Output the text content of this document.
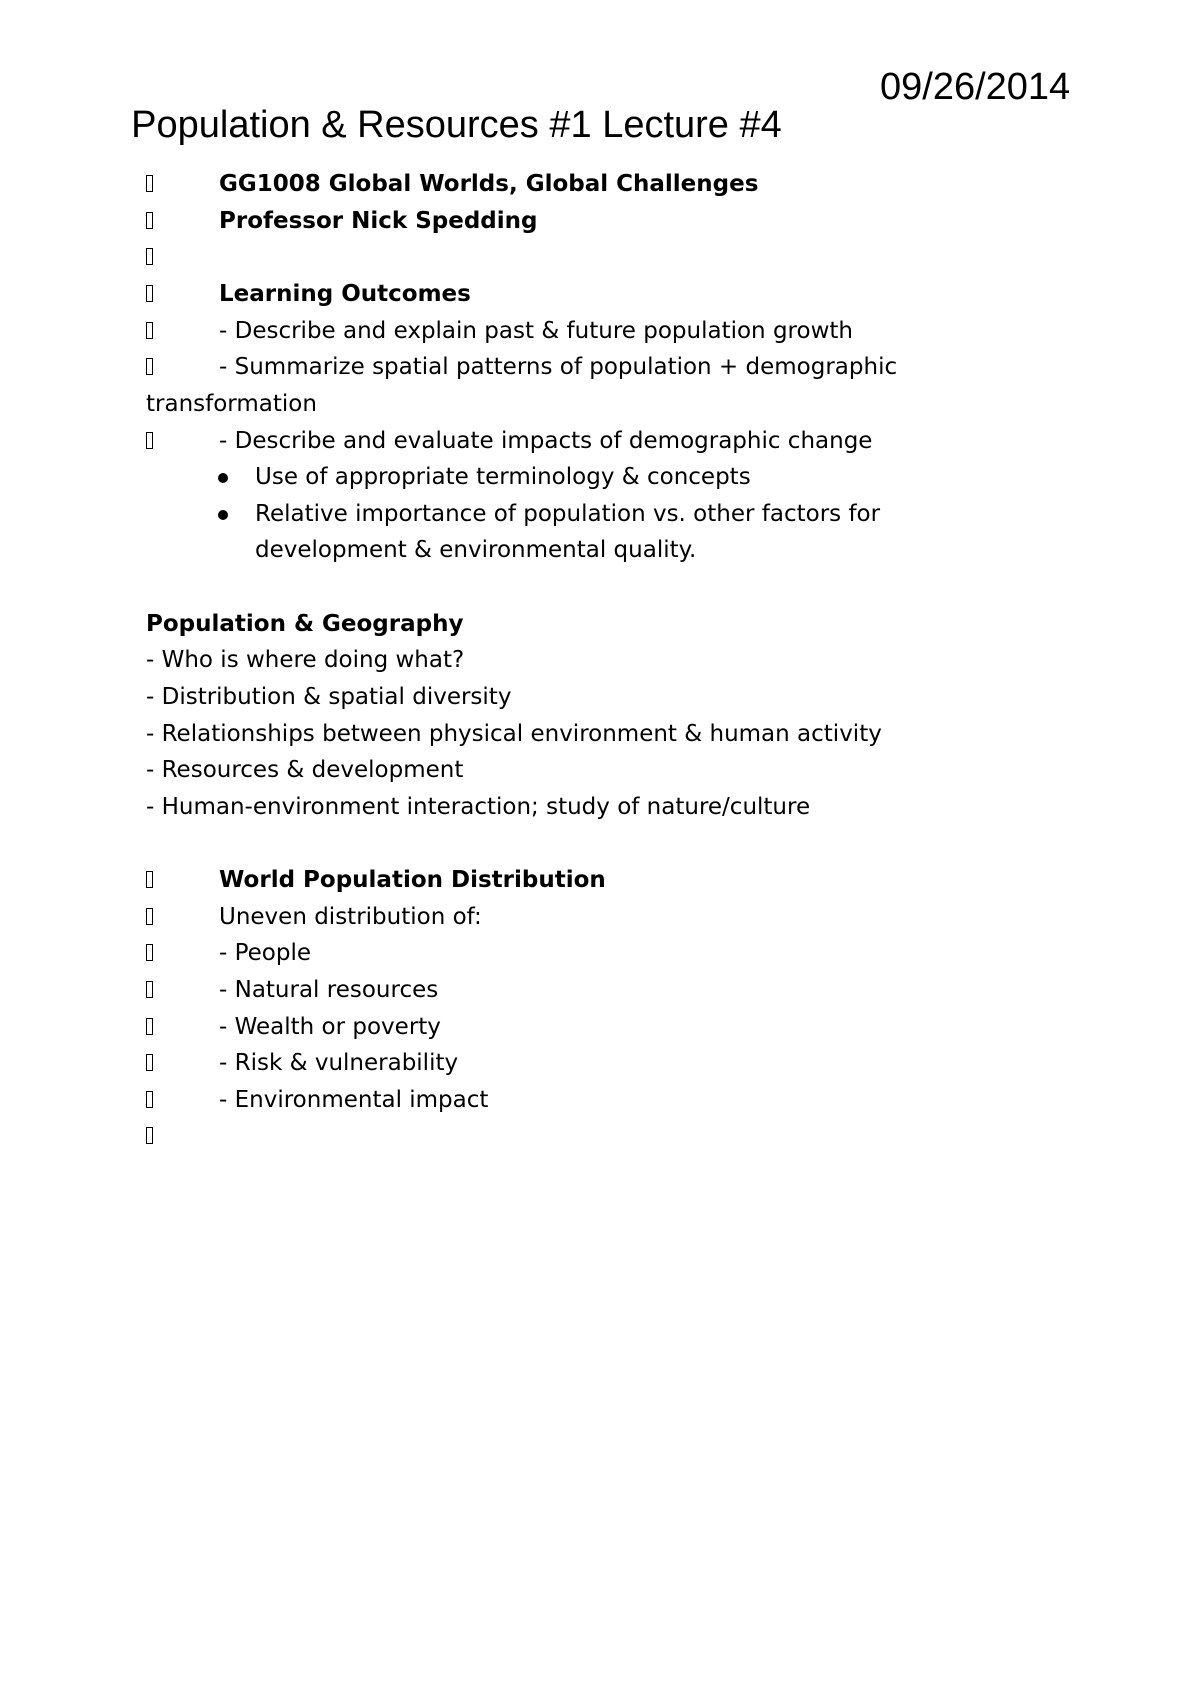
Population & Resources #1 Lecture #4

09/26/2014

GG1008 Global Worlds, Global Challenges
Professor Nick Spedding
Learning Outcomes
- Describe and explain past & future population growth
- Summarize spatial patterns of population + demographic
transformation
- Describe and evaluate impacts of demographic change
Use of appropriate terminology & concepts
Relative importance of population vs. other factors for
development & environmental quality.
Population & Geography
- Who is where doing what?
- Distribution & spatial diversity
- Relationships between physical environment & human activity
- Resources & development
- Human-environment interaction; study of nature/culture
World Population Distribution
Uneven distribution of:
- People
- Natural resources
- Wealth or poverty
- Risk & vulnerability
- Environmental impact
